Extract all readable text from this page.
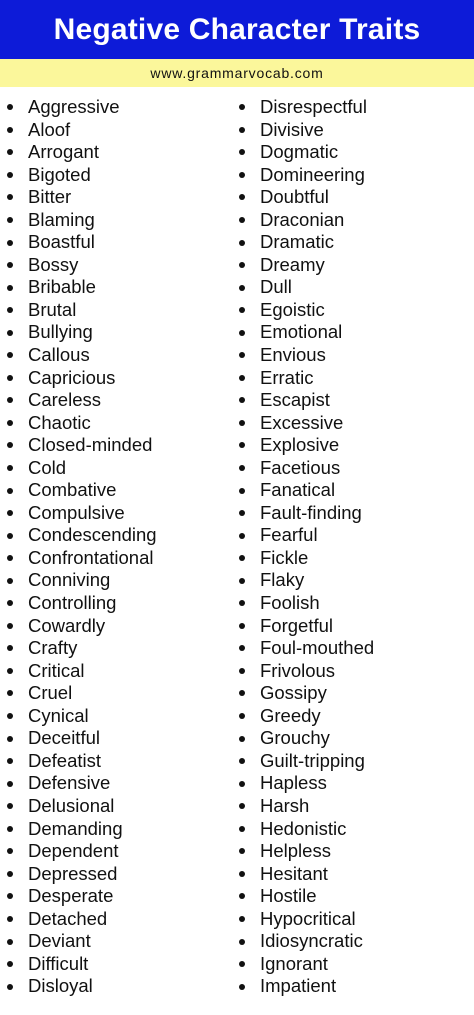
Negative Character Traits
www.grammarvocab.com
Aggressive
Aloof
Arrogant
Bigoted
Bitter
Blaming
Boastful
Bossy
Bribable
Brutal
Bullying
Callous
Capricious
Careless
Chaotic
Closed-minded
Cold
Combative
Compulsive
Condescending
Confrontational
Conniving
Controlling
Cowardly
Crafty
Critical
Cruel
Cynical
Deceitful
Defeatist
Defensive
Delusional
Demanding
Dependent
Depressed
Desperate
Detached
Deviant
Difficult
Disloyal
Disrespectful
Divisive
Dogmatic
Domineering
Doubtful
Draconian
Dramatic
Dreamy
Dull
Egoistic
Emotional
Envious
Erratic
Escapist
Excessive
Explosive
Facetious
Fanatical
Fault-finding
Fearful
Fickle
Flaky
Foolish
Forgetful
Foul-mouthed
Frivolous
Gossipy
Greedy
Grouchy
Guilt-tripping
Hapless
Harsh
Hedonistic
Helpless
Hesitant
Hostile
Hypocritical
Idiosyncratic
Ignorant
Impatient
